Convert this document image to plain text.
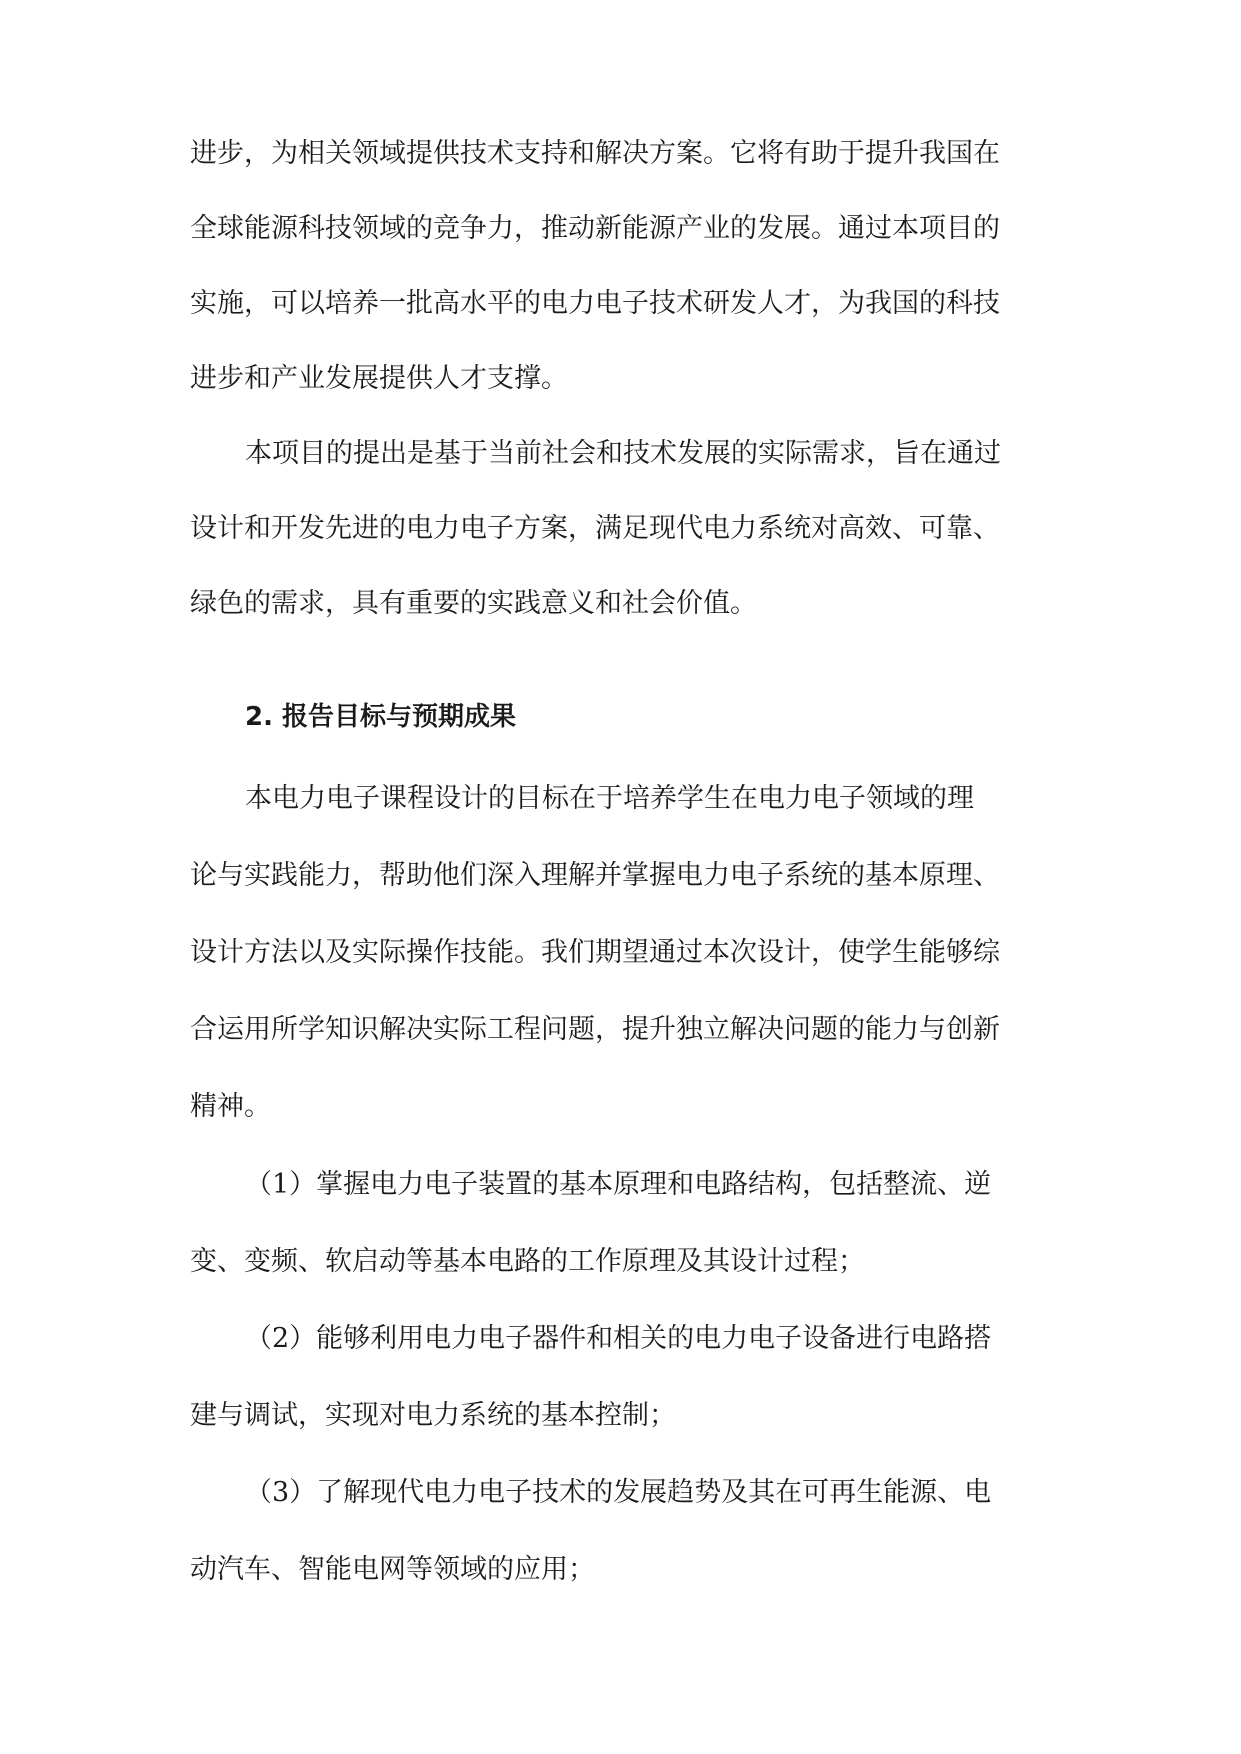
进步，为相关领域提供技术支持和解决方案。它将有助于提升我国在
全球能源科技领域的竞争力，推动新能源产业的发展。通过本项目的
实施，可以培养一批高水平的电力电子技术研发人才，为我国的科技
进步和产业发展提供人才支撑。
本项目的提出是基于当前社会和技术发展的实际需求，旨在通过
设计和开发先进的电力电子方案，满足现代电力系统对高效、可靠、
绿色的需求，具有重要的实践意义和社会价值。
2. 报告目标与预期成果
本电力电子课程设计的目标在于培养学生在电力电子领域的理
论与实践能力，帮助他们深入理解并掌握电力电子系统的基本原理、
设计方法以及实际操作技能。我们期望通过本次设计，使学生能够综
合运用所学知识解决实际工程问题，提升独立解决问题的能力与创新
精神。
（1）掌握电力电子装置的基本原理和电路结构，包括整流、逆
变、变频、软启动等基本电路的工作原理及其设计过程；
（2）能够利用电力电子器件和相关的电力电子设备进行电路搭
建与调试，实现对电力系统的基本控制；
（3）了解现代电力电子技术的发展趋势及其在可再生能源、电
动汽车、智能电网等领域的应用；
